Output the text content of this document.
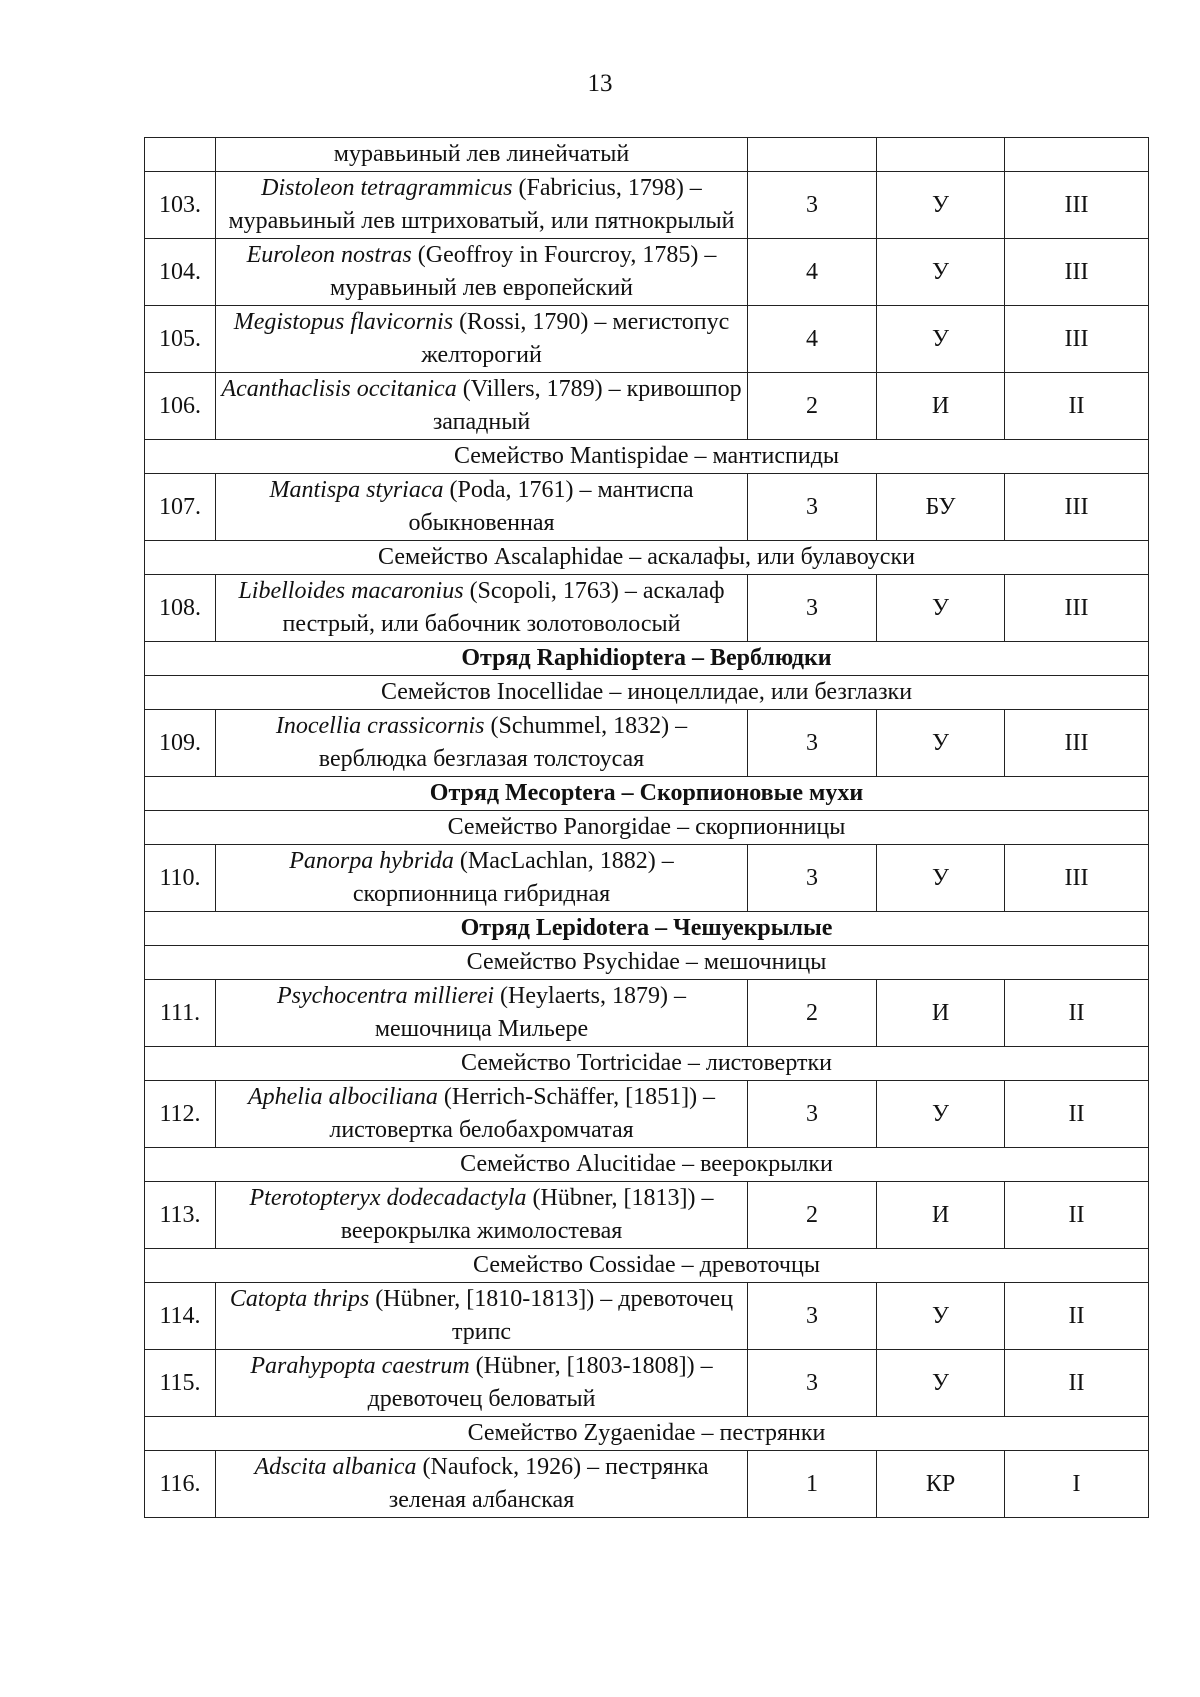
13
	муравьиный лев линейчатый			
103.	Distoleon tetragrammicus (Fabricius, 1798) – муравьиный лев штриховатый, или пятнокрылый	3	У	III
104.	Euroleon nostras (Geoffroy in Fourcroy, 1785) – муравьиный лев европейский	4	У	III
105.	Megistopus flavicornis (Rossi, 1790) – мегистопус желторогий	4	У	III
106.	Acanthaclisis occitanica (Villers, 1789) – кривошпор западный	2	И	II
Семейство Mantispidae – мантиспиды				
107.	Mantispa styriaca (Poda, 1761) – мантиспа обыкновенная	3	БУ	III
Семейство Ascalaphidae – аскалафы, или булавоуски				
108.	Libelloides macaronius (Scopoli, 1763) – аскалаф пестрый, или бабочник золотоволосый	3	У	III
Отряд Raphidioptera – Верблюдки				
Семейстов Inocellidae – иноцеллидае, или безглазки				
109.	Inocellia crassicornis (Schummel, 1832) – верблюдка безглазая толстоусая	3	У	III
Отряд Mecoptera – Скорпионовые мухи				
Семейство Panorgidae – скорпионницы				
110.	Panorpa hybrida (MacLachlan, 1882) – скорпионница гибридная	3	У	III
Отряд Lepidotera – Чешуекрылые				
Семейство Psychidae – мешочницы				
111.	Psychocentra millierei (Heylaerts, 1879) – мешочница Мильере	2	И	II
Семейство Tortricidae – листовертки				
112.	Aphelia albociliana (Herrich-Schäffer, [1851]) – листовертка белобахромчатая	3	У	II
Семейство Alucitidae – веерокрылки				
113.	Pterotopteryx dodecadactyla (Hübner, [1813]) – веерокрылка жимолостевая	2	И	II
Семейство Cossidae – древоточцы				
114.	Catopta thrips (Hübner, [1810-1813]) – древоточец трипс	3	У	II
115.	Parahypopta caestrum (Hübner, [1803-1808]) – древоточец беловатый	3	У	II
Семейство Zygaenidae – пестрянки				
116.	Adscita albanica (Naufock, 1926) – пестрянка зеленая албанская	1	КР	I
